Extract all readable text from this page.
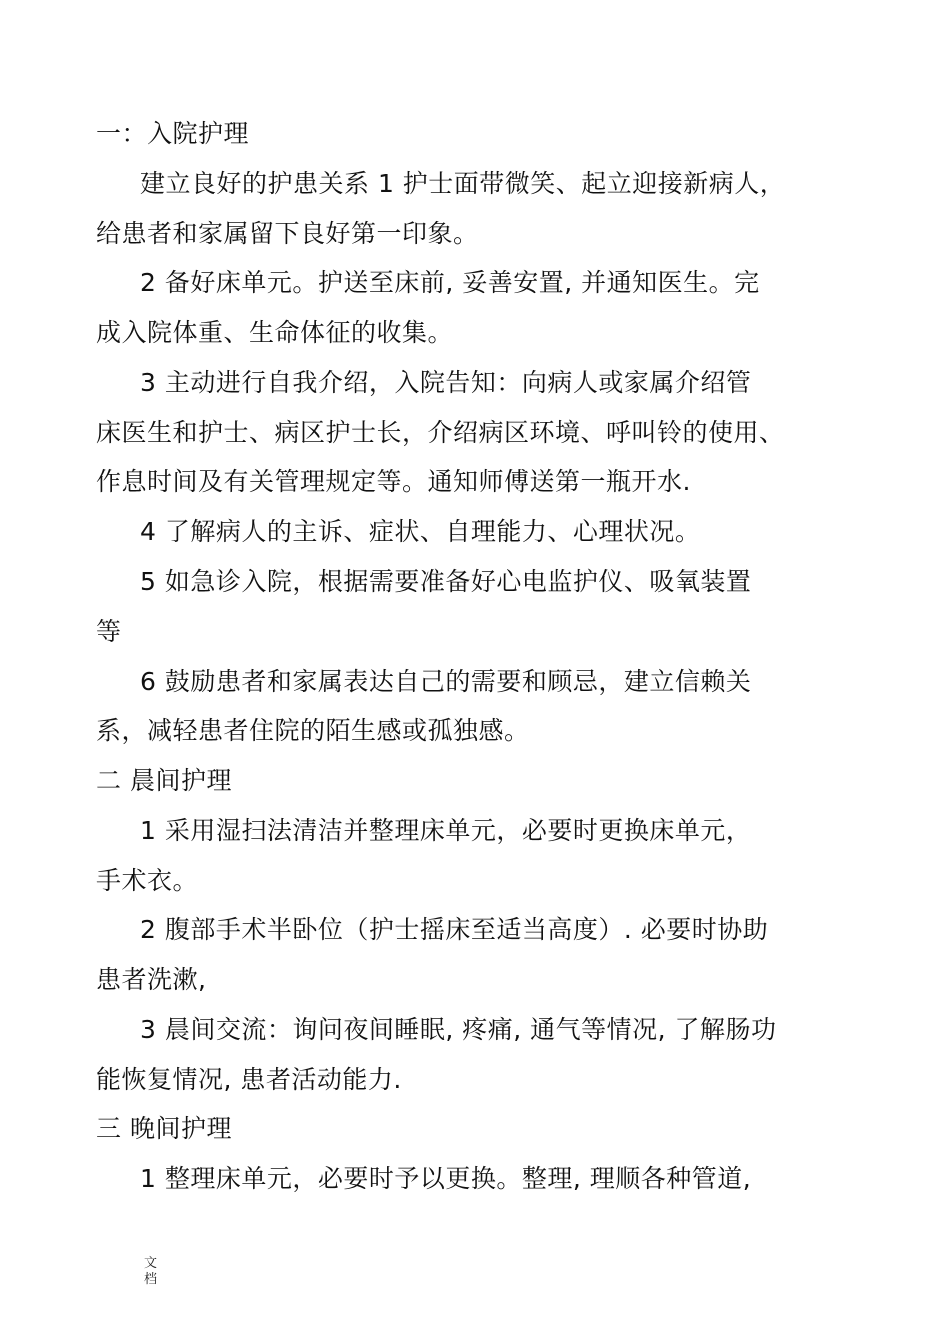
一：入院护理
建立良好的护患关系 1 护士面带微笑、起立迎接新病人，
给患者和家属留下良好第一印象。
2 备好床单元。护送至床前, 妥善安置, 并通知医生。完
成入院体重、生命体征的收集。
3 主动进行自我介绍，入院告知：向病人或家属介绍管
床医生和护士、病区护士长，介绍病区环境、呼叫铃的使用、
作息时间及有关管理规定等。通知师傅送第一瓶开水.
4 了解病人的主诉、症状、自理能力、心理状况。
5 如急诊入院，根据需要准备好心电监护仪、吸氧装置
等
6 鼓励患者和家属表达自己的需要和顾忌，建立信赖关
系，减轻患者住院的陌生感或孤独感。
二 晨间护理
1 采用湿扫法清洁并整理床单元，必要时更换床单元，
手术衣。
2 腹部手术半卧位（护士摇床至适当高度）. 必要时协助
患者洗漱,
3 晨间交流：询问夜间睡眠, 疼痛, 通气等情况, 了解肠功
能恢复情况, 患者活动能力.
三 晚间护理
1 整理床单元，必要时予以更换。整理, 理顺各种管道,
文档
